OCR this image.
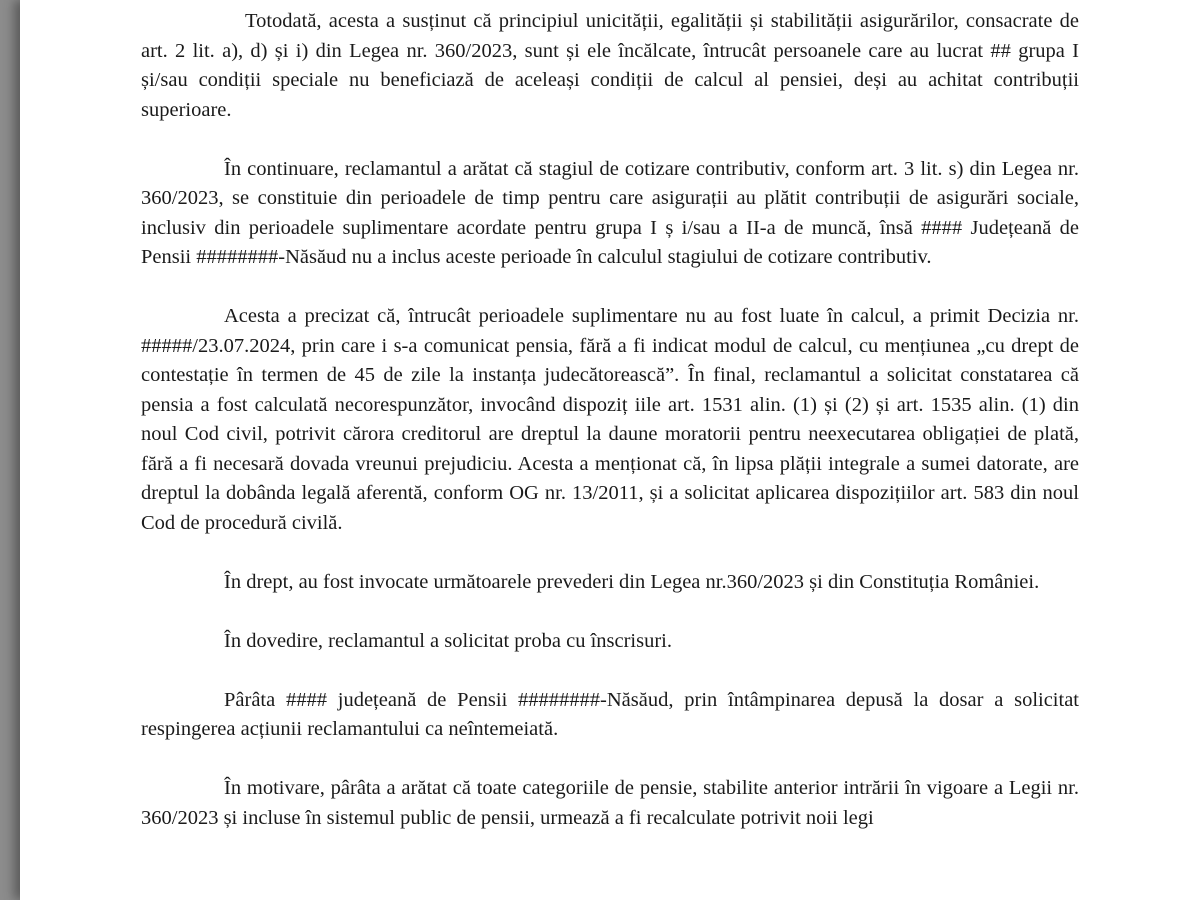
Totodată, acesta a susținut că principiul unicității, egalității și stabilității asigurărilor, consacrate de art. 2 lit. a), d) și i) din Legea nr. 360/2023, sunt și ele încălcate, întrucât persoanele care au lucrat ## grupa I și/sau condiții speciale nu beneficiază de aceleași condiții de calcul al pensiei, deși au achitat contribuții superioare.

În continuare, reclamantul a arătat că stagiul de cotizare contributiv, conform art. 3 lit. s) din Legea nr. 360/2023, se constituie din perioadele de timp pentru care asigurații au plătit contribuții de asigurări sociale, inclusiv din perioadele suplimentare acordate pentru grupa I ș i/sau a II-a de muncă, însă #### Județeană de Pensii ########-Năsăud nu a inclus aceste perioade în calculul stagiului de cotizare contributiv.

Acesta a precizat că, întrucât perioadele suplimentare nu au fost luate în calcul, a primit Decizia nr. #####/23.07.2024, prin care i s-a comunicat pensia, fără a fi indicat modul de calcul, cu mențiunea „cu drept de contestație în termen de 45 de zile la instanța judecătorească”. În final, reclamantul a solicitat constatarea că pensia a fost calculată necorespunzător, invocând dispoziț iile art. 1531 alin. (1) și (2) și art. 1535 alin. (1) din noul Cod civil, potrivit cărora creditorul are dreptul la daune moratorii pentru neexecutarea obligației de plată, fără a fi necesară dovada vreunui prejudiciu. Acesta a menționat că, în lipsa plății integrale a sumei datorate, are dreptul la dobânda legală aferentă, conform OG nr. 13/2011, și a solicitat aplicarea dispozițiilor art. 583 din noul Cod de procedură civilă.

În drept, au fost invocate următoarele prevederi din Legea nr.360/2023 și din Constituția României.

În dovedire, reclamantul a solicitat proba cu înscrisuri.

Pârâta #### județeană de Pensii ########-Năsăud, prin întâmpinarea depusă la dosar a solicitat respingerea acțiunii reclamantului ca neîntemeiată.

În motivare, pârâta a arătat că toate categoriile de pensie, stabilite anterior intrării în vigoare a Legii nr. 360/2023 și incluse în sistemul public de pensii, urmează a fi recalculate potrivit noii legi
